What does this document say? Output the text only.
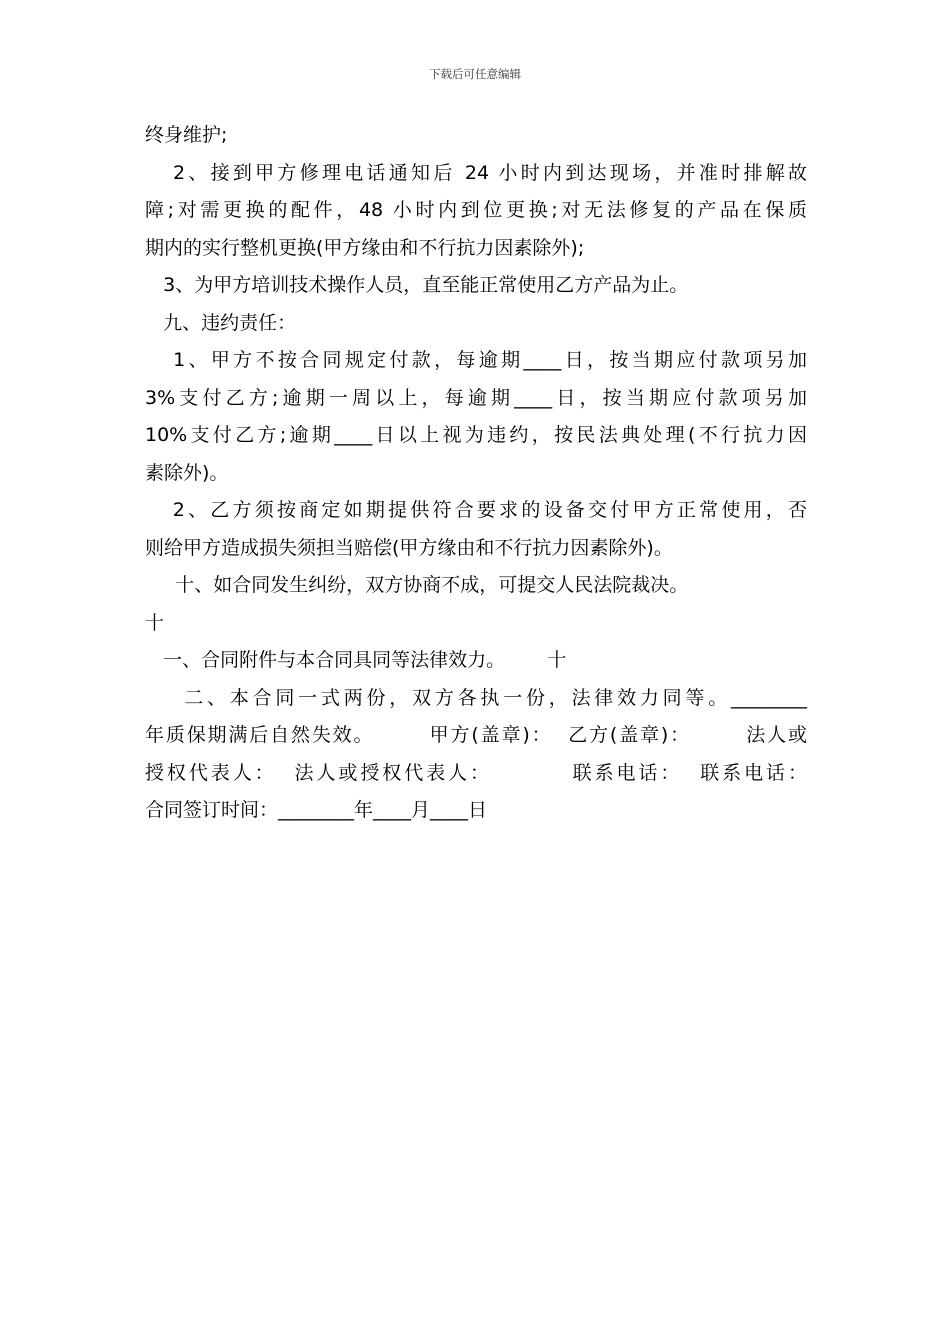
下载后可任意编辑
终身维护;
2、接到甲方修理电话通知后 24 小时内到达现场，并准时排解故
障;对需更换的配件，48 小时内到位更换;对无法修复的产品在保质
期内的实行整机更换(甲方缘由和不行抗力因素除外);
3、为甲方培训技术操作人员，直至能正常使用乙方产品为止。
九、违约责任：
1、甲方不按合同规定付款，每逾期____日，按当期应付款项另加
3%支付乙方;逾期一周以上，每逾期____日，按当期应付款项另加
10%支付乙方;逾期____日以上视为违约，按民法典处理(不行抗力因
素除外)。
2、乙方须按商定如期提供符合要求的设备交付甲方正常使用，否
则给甲方造成损失须担当赔偿(甲方缘由和不行抗力因素除外)。
十、如合同发生纠纷，双方协商不成，可提交人民法院裁决。
十
一、合同附件与本合同具同等法律效力。       十
二、本合同一式两份，双方各执一份，法律效力同等。________
年质保期满后自然失效。       甲方(盖章)：  乙方(盖章)：       法人或
授权代表人：  法人或授权代表人：         联系电话：  联系电话：
合同签订时间：________年____月____日
